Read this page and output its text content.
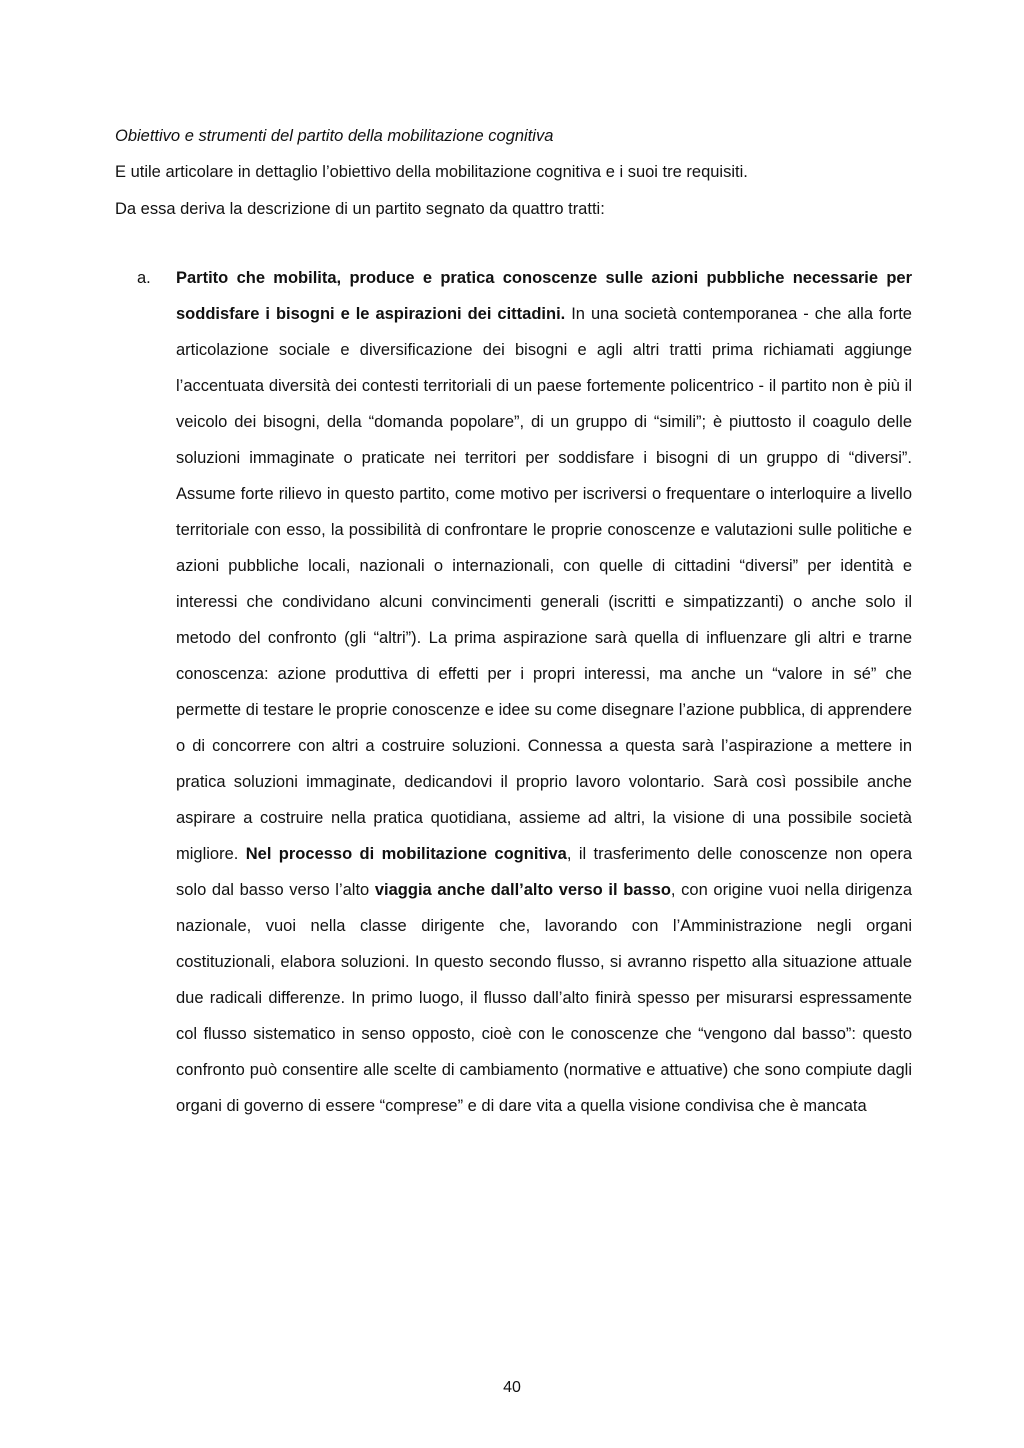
Obiettivo e strumenti del partito della mobilitazione cognitiva
E utile articolare in dettaglio l’obiettivo della mobilitazione cognitiva e i suoi tre requisiti.
Da essa deriva la descrizione di un partito segnato da quattro tratti:
a. Partito che mobilita, produce e pratica conoscenze sulle azioni pubbliche necessarie per soddisfare i bisogni e le aspirazioni dei cittadini. In una società contemporanea - che alla forte articolazione sociale e diversificazione dei bisogni e agli altri tratti prima richiamati aggiunge l’accentuata diversità dei contesti territoriali di un paese fortemente policentrico - il partito non è più il veicolo dei bisogni, della “domanda popolare”, di un gruppo di “simili”; è piuttosto il coagulo delle soluzioni immaginate o praticate nei territori per soddisfare i bisogni di un gruppo di “diversi”. Assume forte rilievo in questo partito, come motivo per iscriversi o frequentare o interloquire a livello territoriale con esso, la possibilità di confrontare le proprie conoscenze e valutazioni sulle politiche e azioni pubbliche locali, nazionali o internazionali, con quelle di cittadini “diversi” per identità e interessi che condividano alcuni convincimenti generali (iscritti e simpatizzanti) o anche solo il metodo del confronto (gli “altri”). La prima aspirazione sarà quella di influenzare gli altri e trarne conoscenza: azione produttiva di effetti per i propri interessi, ma anche un “valore in sé” che permette di testare le proprie conoscenze e idee su come disegnare l’azione pubblica, di apprendere o di concorrere con altri a costruire soluzioni. Connessa a questa sarà l’aspirazione a mettere in pratica soluzioni immaginate, dedicandovi il proprio lavoro volontario. Sarà così possibile anche aspirare a costruire nella pratica quotidiana, assieme ad altri, la visione di una possibile società migliore. Nel processo di mobilitazione cognitiva, il trasferimento delle conoscenze non opera solo dal basso verso l’alto viaggia anche dall’alto verso il basso, con origine vuoi nella dirigenza nazionale, vuoi nella classe dirigente che, lavorando con l’Amministrazione negli organi costituzionali, elabora soluzioni. In questo secondo flusso, si avranno rispetto alla situazione attuale due radicali differenze. In primo luogo, il flusso dall’alto finirà spesso per misurarsi espressamente col flusso sistematico in senso opposto, cioè con le conoscenze che “vengono dal basso”: questo confronto può consentire alle scelte di cambiamento (normative e attuative) che sono compiute dagli organi di governo di essere “comprese” e di dare vita a quella visione condivisa che è mancata

40
